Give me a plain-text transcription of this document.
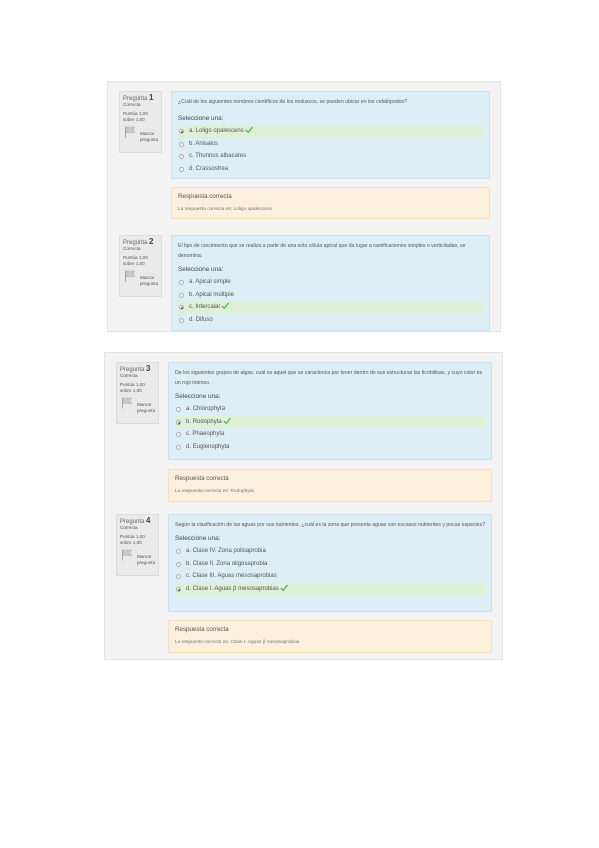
Pregunta 1
Correcta
Puntúa 1,00
sobre 1,00
Marcar pregunta
¿Cuál de los siguientes nombres científicos de los moluscos, se pueden ubicar en los cefalópodos?
Seleccione una:
a. Loligo opalescens
b. Anisakis
c. Thunnus albacares
d. Crassostrea
Respuesta correcta
La respuesta correcta es: Loligo opalescens
Pregunta 2
Correcta
Puntúa 1,00
sobre 1,00
Marcar pregunta
El tipo de crecimiento que se realiza a partir de una sola célula apical que da lugar a ramificaciones simples o verticiladas, se denomina:
Seleccione una:
a. Apical simple
b. Apical múltiple
c. Intercalar
d. Difuso
Pregunta 3
Correcta
Puntúa 1,00
sobre 1,00
Marcar pregunta
De los siguientes grupos de algas, cuál es aquel que se caracteriza por tener dentro de sus estructuras las ficobilinas, y cuyo color es un rojo intenso.
Seleccione una:
a. Chlorophyta
b. Rodophyta
c. Phaeophyta
d. Euglenophyta
Respuesta correcta
La respuesta correcta es: Rodophyta
Pregunta 4
Correcta
Puntúa 1,00
sobre 1,00
Marcar pregunta
Según la clasificación de las aguas por sus nutrientes, ¿cuál es la zona que presenta aguas con escasos nutrientes y pocas especies?
Seleccione una:
a. Clase IV. Zona polisaprobia
b. Clase II. Zona oligosaprobia
c. Clase III. Aguas mesosaprobias
d. Clase I. Aguas β mesosaprobias
Respuesta correcta
La respuesta correcta es: Clase I. Aguas β mesosaprobias
